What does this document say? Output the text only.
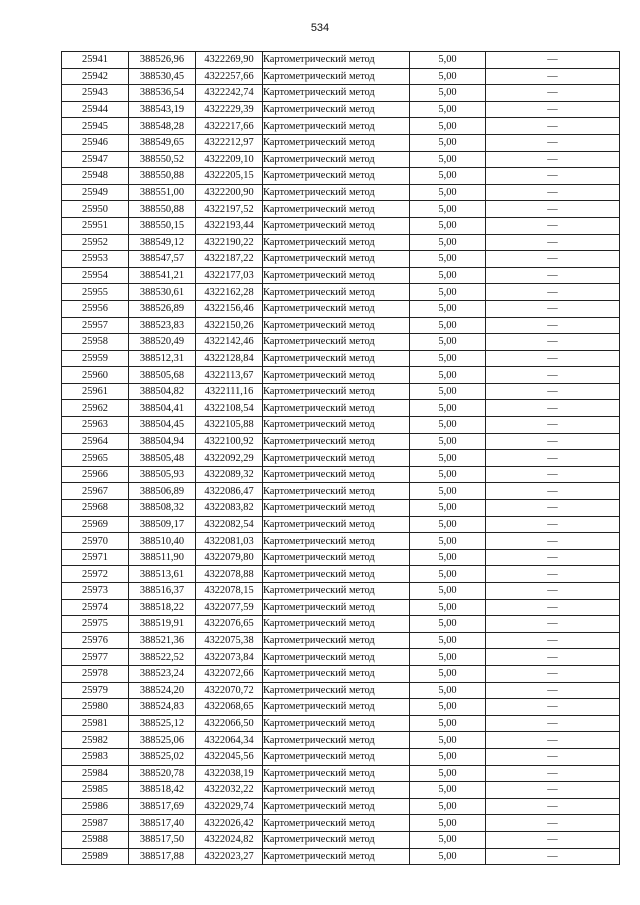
534
25941	388526,96	4322269,90	Картометрический метод	5,00	—
25942	388530,45	4322257,66	Картометрический метод	5,00	—
25943	388536,54	4322242,74	Картометрический метод	5,00	—
25944	388543,19	4322229,39	Картометрический метод	5,00	—
25945	388548,28	4322217,66	Картометрический метод	5,00	—
25946	388549,65	4322212,97	Картометрический метод	5,00	—
25947	388550,52	4322209,10	Картометрический метод	5,00	—
25948	388550,88	4322205,15	Картометрический метод	5,00	—
25949	388551,00	4322200,90	Картометрический метод	5,00	—
25950	388550,88	4322197,52	Картометрический метод	5,00	—
25951	388550,15	4322193,44	Картометрический метод	5,00	—
25952	388549,12	4322190,22	Картометрический метод	5,00	—
25953	388547,57	4322187,22	Картометрический метод	5,00	—
25954	388541,21	4322177,03	Картометрический метод	5,00	—
25955	388530,61	4322162,28	Картометрический метод	5,00	—
25956	388526,89	4322156,46	Картометрический метод	5,00	—
25957	388523,83	4322150,26	Картометрический метод	5,00	—
25958	388520,49	4322142,46	Картометрический метод	5,00	—
25959	388512,31	4322128,84	Картометрический метод	5,00	—
25960	388505,68	4322113,67	Картометрический метод	5,00	—
25961	388504,82	4322111,16	Картометрический метод	5,00	—
25962	388504,41	4322108,54	Картометрический метод	5,00	—
25963	388504,45	4322105,88	Картометрический метод	5,00	—
25964	388504,94	4322100,92	Картометрический метод	5,00	—
25965	388505,48	4322092,29	Картометрический метод	5,00	—
25966	388505,93	4322089,32	Картометрический метод	5,00	—
25967	388506,89	4322086,47	Картометрический метод	5,00	—
25968	388508,32	4322083,82	Картометрический метод	5,00	—
25969	388509,17	4322082,54	Картометрический метод	5,00	—
25970	388510,40	4322081,03	Картометрический метод	5,00	—
25971	388511,90	4322079,80	Картометрический метод	5,00	—
25972	388513,61	4322078,88	Картометрический метод	5,00	—
25973	388516,37	4322078,15	Картометрический метод	5,00	—
25974	388518,22	4322077,59	Картометрический метод	5,00	—
25975	388519,91	4322076,65	Картометрический метод	5,00	—
25976	388521,36	4322075,38	Картометрический метод	5,00	—
25977	388522,52	4322073,84	Картометрический метод	5,00	—
25978	388523,24	4322072,66	Картометрический метод	5,00	—
25979	388524,20	4322070,72	Картометрический метод	5,00	—
25980	388524,83	4322068,65	Картометрический метод	5,00	—
25981	388525,12	4322066,50	Картометрический метод	5,00	—
25982	388525,06	4322064,34	Картометрический метод	5,00	—
25983	388525,02	4322045,56	Картометрический метод	5,00	—
25984	388520,78	4322038,19	Картометрический метод	5,00	—
25985	388518,42	4322032,22	Картометрический метод	5,00	—
25986	388517,69	4322029,74	Картометрический метод	5,00	—
25987	388517,40	4322026,42	Картометрический метод	5,00	—
25988	388517,50	4322024,82	Картометрический метод	5,00	—
25989	388517,88	4322023,27	Картометрический метод	5,00	—
